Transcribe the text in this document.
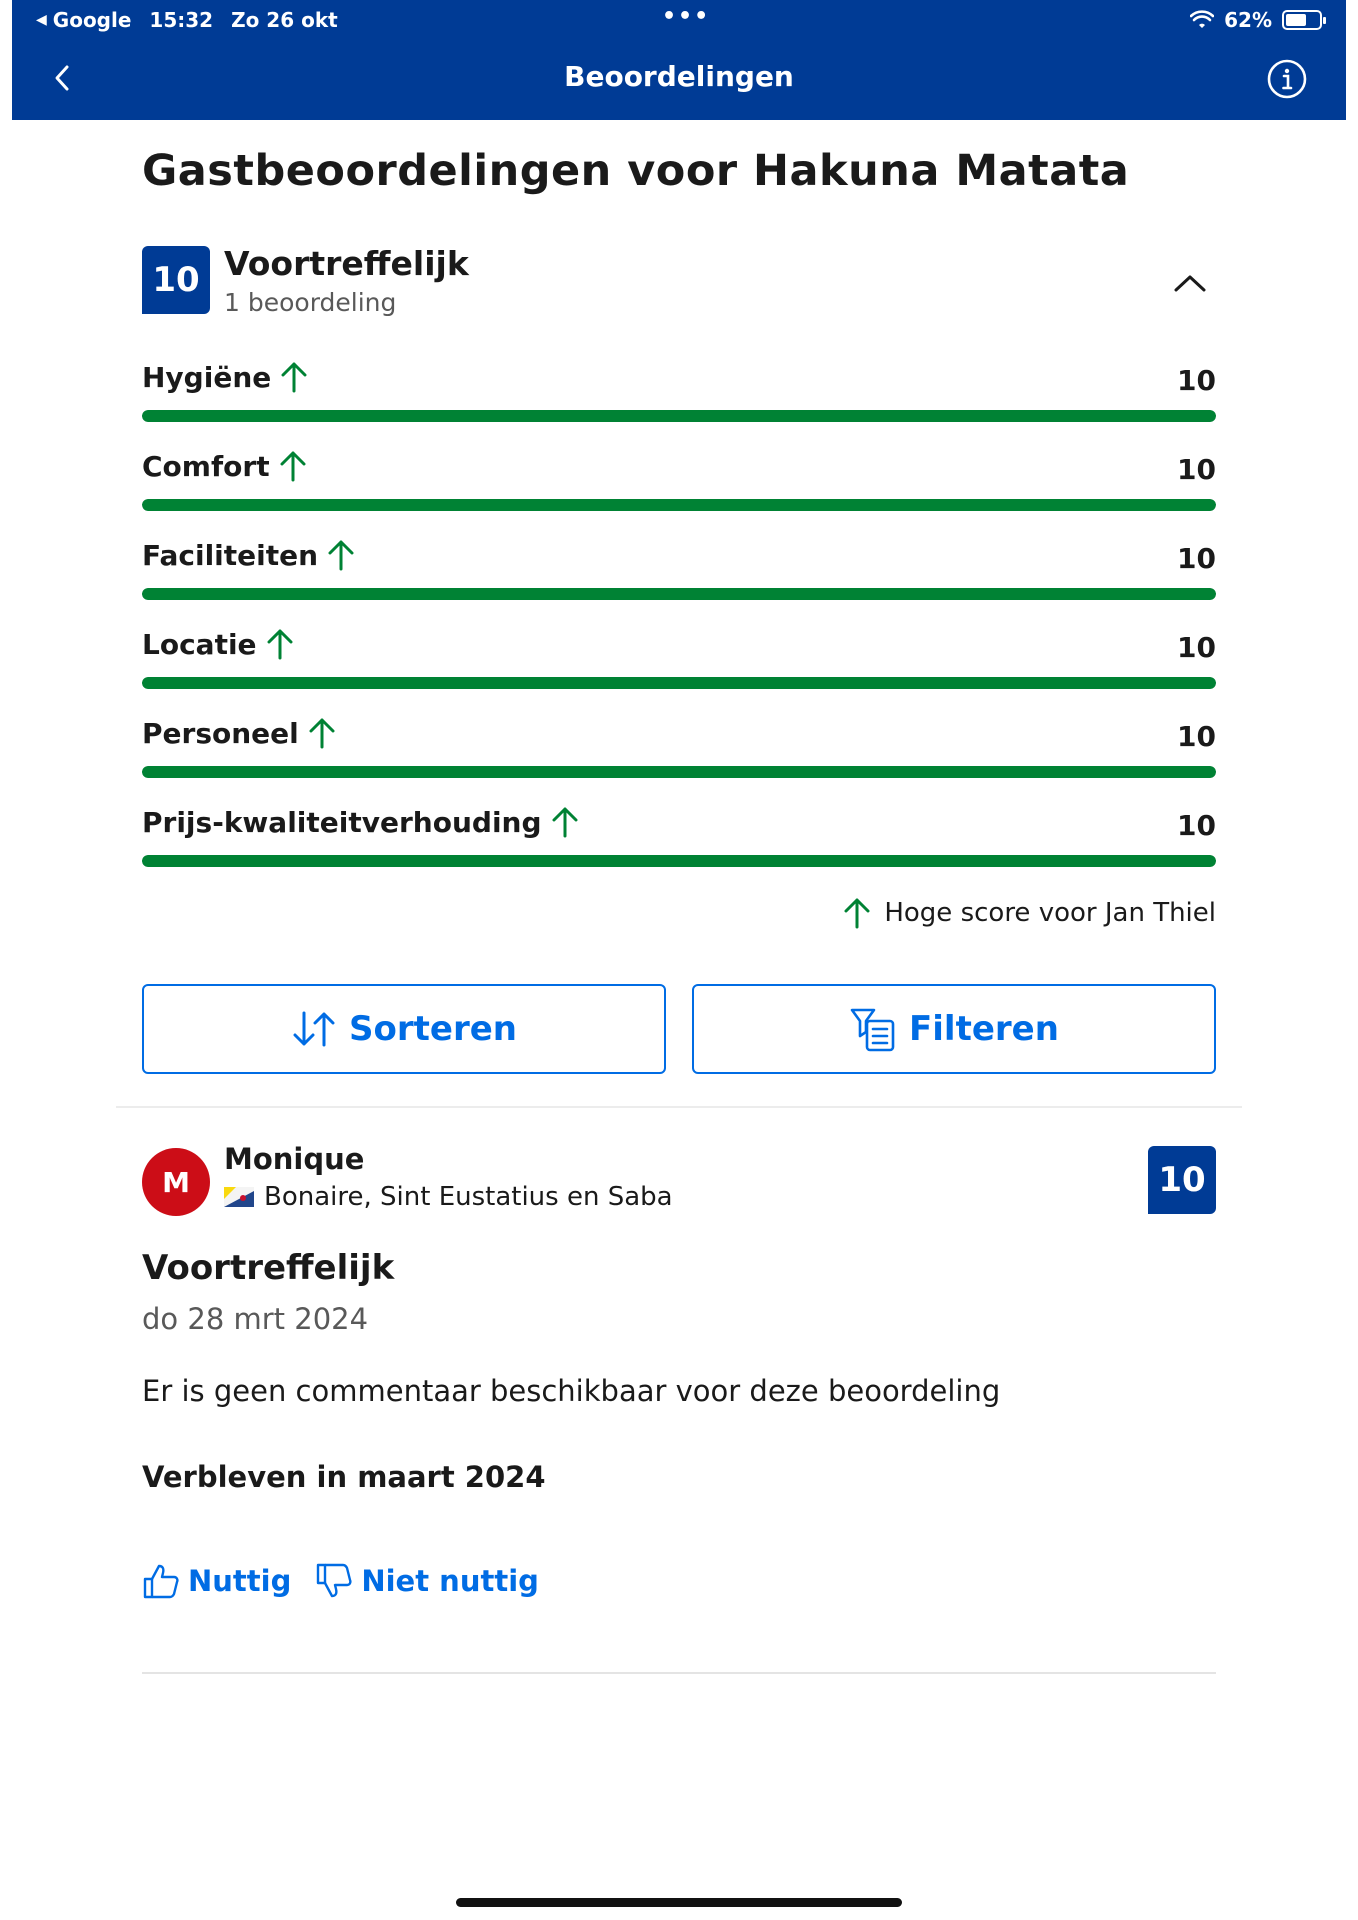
◀ Google 15:32 Zo 26 okt	•••	62%
Beoordelingen
Gastbeoordelingen voor Hakuna Matata
10 Voortreffelijk
1 beoordeling
Hygiëne	10
Comfort	10
Faciliteiten	10
Locatie	10
Personeel	10
Prijs-kwaliteitverhouding	10
Hoge score voor Jan Thiel
Sorteren	Filteren
M
Monique
Bonaire, Sint Eustatius en Saba	10
Voortreffelijk
do 28 mrt 2024
Er is geen commentaar beschikbaar voor deze beoordeling
Verbleven in maart 2024
Nuttig Niet nuttig
